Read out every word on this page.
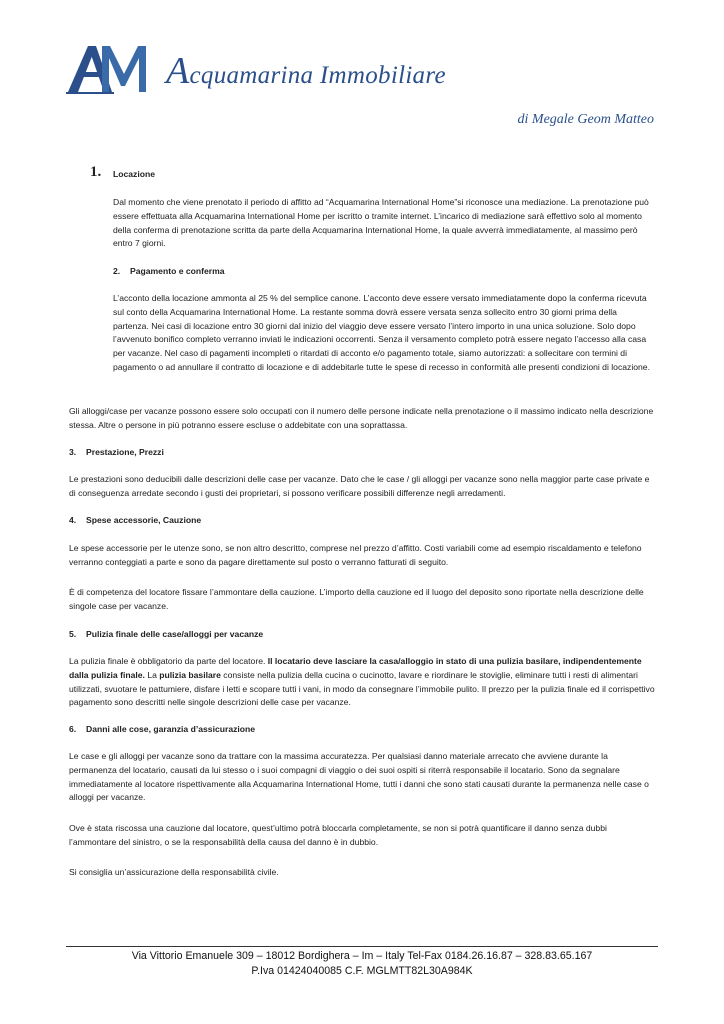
Acquamarina Immobiliare
di Megale Geom Matteo
1. Locazione
Dal momento che viene prenotato il periodo di affitto ad “Acquamarina International Home”si riconosce una mediazione. La prenotazione può essere effettuata alla Acquamarina International Home per iscritto o tramite internet. L’incarico di mediazione sarà effettivo solo al momento della conferma di prenotazione scritta da parte della Acquamarina International Home, la quale avverrà immediatamente, al massimo però entro 7 giorni.
2. Pagamento e conferma
L’acconto della locazione ammonta al 25 % del semplice canone. L’acconto deve essere versato immediatamente dopo la conferma ricevuta sul conto della Acquamarina International Home. La restante somma dovrà essere versata senza sollecito entro 30 giorni prima della partenza. Nei casi di locazione entro 30 giorni dal inizio del viaggio deve essere versato l’intero importo in una unica soluzione. Solo dopo l’avvenuto bonifico completo verranno inviati le indicazioni occorrenti. Senza il versamento completo potrà essere negato l’accesso alla casa per vacanze. Nel caso di pagamenti incompleti o ritardati di acconto e/o pagamento totale, siamo autorizzati: a sollecitare con termini di pagamento o ad annullare il contratto di locazione e di addebitarle tutte le spese di recesso in conformità alle presenti condizioni di locazione.
Gli alloggi/case per vacanze possono essere solo occupati con il numero delle persone indicate nella prenotazione o il massimo indicato nella descrizione stessa. Altre o persone in più potranno essere escluse o addebitate con una soprattassa.
3. Prestazione, Prezzi
Le prestazioni sono deducibili dalle descrizioni delle case per vacanze. Dato che le case / gli alloggi per vacanze sono nella maggior parte case private e di conseguenza arredate secondo i gusti dei proprietari, si possono verificare possibili differenze negli arredamenti.
4. Spese accessorie, Cauzione
Le spese accessorie per le utenze sono, se non altro descritto, comprese nel prezzo d’affitto. Costi variabili come ad esempio riscaldamento e telefono verranno conteggiati a parte e sono da pagare direttamente sul posto o verranno fatturati di seguito.
È di competenza del locatore fissare l’ammontare della cauzione. L’importo della cauzione ed il luogo del deposito sono riportate nella descrizione delle singole case per vacanze.
5. Pulizia finale delle case/alloggi per vacanze
La pulizia finale è obbligatorio da parte del locatore. Il locatario deve lasciare la casa/alloggio in stato di una pulizia basilare, indipendentemente dalla pulizia finale. La pulizia basilare consiste nella pulizia della cucina o cucinotto, lavare e riordinare le stoviglie, eliminare tutti i resti di alimentari utilizzati, svuotare le pattumiere, disfare i letti e scopare tutti i vani, in modo da consegnare l’immobile pulito. Il prezzo per la pulizia finale ed il corrispettivo pagamento sono descritti nelle singole descrizioni delle case per vacanze.
6. Danni alle cose, garanzia d’assicurazione
Le case e gli alloggi per vacanze sono da trattare con la massima accuratezza. Per qualsiasi danno materiale arrecato che avviene durante la permanenza del locatario, causati da lui stesso o i suoi compagni di viaggio o dei suoi ospiti si riterrà responsabile il locatario. Sono da segnalare immediatamente al locatore rispettivamente alla Acquamarina International Home, tutti i danni che sono stati causati durante la permanenza nelle case o alloggi per vacanze.
Ove è stata riscossa una cauzione dal locatore, quest’ultimo potrà bloccarla completamente, se non si potrà quantificare il danno senza dubbi l’ammontare del sinistro, o se la responsabilità della causa del danno è in dubbio.
Si consiglia un’assicurazione della responsabilità civile.
Via Vittorio Emanuele 309 – 18012 Bordighera – Im – Italy Tel-Fax 0184.26.16.87 – 328.83.65.167
P.Iva 01424040085 C.F. MGLMTT82L30A984K
